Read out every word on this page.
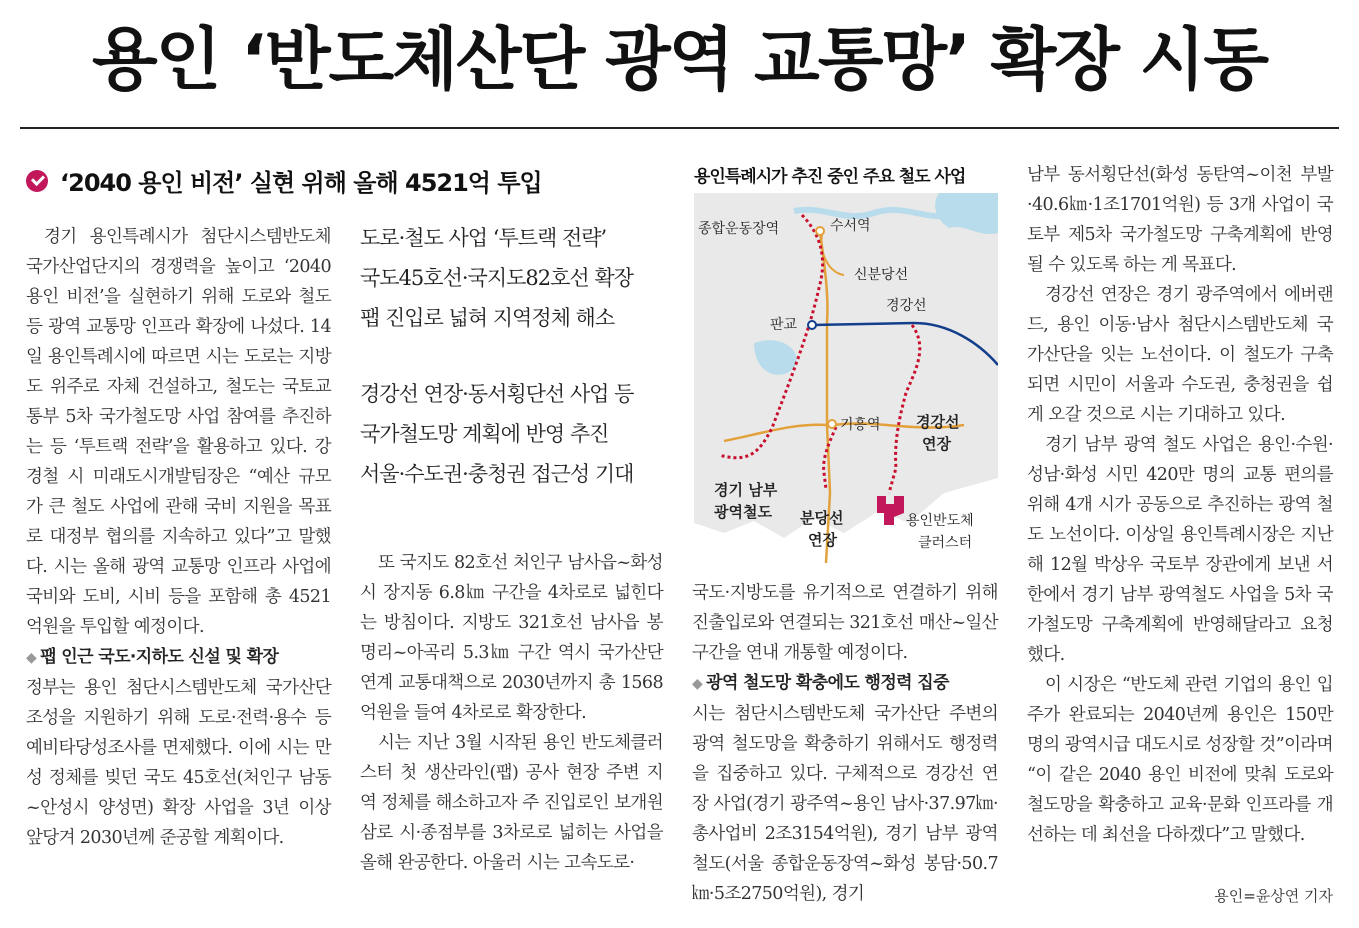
용인 ‘반도체산단 광역 교통망’ 확장 시동
‘2040 용인 비전’ 실현 위해 올해 4521억 투입

경기 용인특례시가 첨단시스템반도체 국가산업단지의 경쟁력을 높이고 ‘2040 용인 비전’을 실현하기 위해 도로와 철도 등 광역 교통망 인프라 확장에 나섰다. 14일 용인특례시에 따르면 시는 도로는 지방도 위주로 자체 건설하고, 철도는 국토교통부 5차 국가철도망 사업 참여를 추진하는 등 ‘투트랙 전략’을 활용하고 있다. 강경철 시 미래도시개발팀장은 “예산 규모가 큰 철도 사업에 관해 국비 지원을 목표로 대정부 협의를 지속하고 있다”고 말했다. 시는 올해 광역 교통망 인프라 사업에 국비와 도비, 시비 등을 포함해 총 4521억원을 투입할 예정이다.

◆ 팹 인근 국도·지하도 신설 및 확장

정부는 용인 첨단시스템반도체 국가산단 조성을 지원하기 위해 도로·전력·용수 등 예비타당성조사를 면제했다. 이에 시는 만성 정체를 빚던 국도 45호선(처인구 남동~안성시 양성면) 확장 사업을 3년 이상 앞당겨 2030년께 준공할 계획이다.

도로·철도 사업 ‘투트랙 전략’
국도45호선·국지도82호선 확장
팹 진입로 넓혀 지역정체 해소
경강선 연장·동서횡단선 사업 등
국가철도망 계획에 반영 추진
서울·수도권·충청권 접근성 기대

또 국지도 82호선 처인구 남사읍~화성시 장지동 6.8㎞ 구간을 4차로로 넓힌다는 방침이다. 지방도 321호선 남사읍 봉명리~아곡리 5.3㎞ 구간 역시 국가산단 연계 교통대책으로 2030년까지 총 1568억원을 들여 4차로로 확장한다.

시는 지난 3월 시작된 용인 반도체클러스터 첫 생산라인(팹) 공사 현장 주변 지역 정체를 해소하고자 주 진입로인 보개원삼로 시·종점부를 3차로로 넓히는 사업을 올해 완공한다. 아울러 시는 고속도로·

용인특례시가 추진 중인 주요 철도 사업
종합운동장역	수서역
신분당선
경강선
판교
기흥역 경강선
연장
경기 남부
광역철도 분당선
연장
용인반도체
클러스터

국도·지방도를 유기적으로 연결하기 위해 진출입로와 연결되는 321호선 매산~일산 구간을 연내 개통할 예정이다.

◆ 광역 철도망 확충에도 행정력 집중

시는 첨단시스템반도체 국가산단 주변의 광역 철도망을 확충하기 위해서도 행정력을 집중하고 있다. 구체적으로 경강선 연장 사업(경기 광주역~용인 남사·37.97㎞·총사업비 2조3154억원), 경기 남부 광역 철도(서울 종합운동장역~화성 봉담·50.7㎞·5조2750억원), 경기

남부 동서횡단선(화성 동탄역~이천 부발·40.6㎞·1조1701억원) 등 3개 사업이 국토부 제5차 국가철도망 구축계획에 반영될 수 있도록 하는 게 목표다.

경강선 연장은 경기 광주역에서 에버랜드, 용인 이동·남사 첨단시스템반도체 국가산단을 잇는 노선이다. 이 철도가 구축되면 시민이 서울과 수도권, 충청권을 쉽게 오갈 것으로 시는 기대하고 있다.

경기 남부 광역 철도 사업은 용인·수원·성남·화성 시민 420만 명의 교통 편의를 위해 4개 시가 공동으로 추진하는 광역 철도 노선이다. 이상일 용인특례시장은 지난해 12월 박상우 국토부 장관에게 보낸 서한에서 경기 남부 광역철도 사업을 5차 국가철도망 구축계획에 반영해달라고 요청했다.

이 시장은 “반도체 관련 기업의 용인 입주가 완료되는 2040년께 용인은 150만 명의 광역시급 대도시로 성장할 것”이라며 “이 같은 2040 용인 비전에 맞춰 도로와 철도망을 확충하고 교육·문화 인프라를 개선하는 데 최선을 다하겠다”고 말했다.

용인=윤상연 기자
